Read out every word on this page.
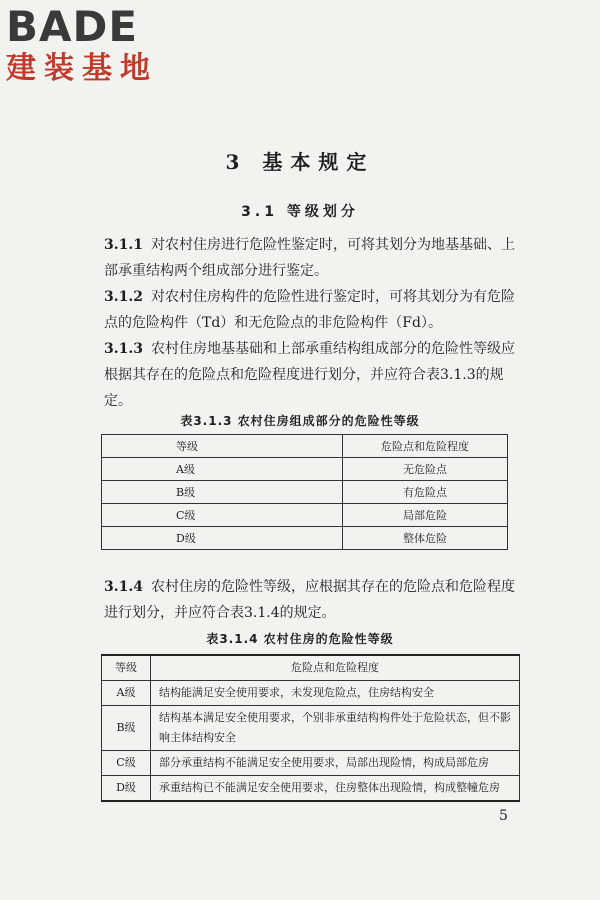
BADE
建装基地
3 基本规定
3.1 等级划分
3.1.1 对农村住房进行危险性鉴定时，可将其划分为地基基础、上部承重结构两个组成部分进行鉴定。
3.1.2 对农村住房构件的危险性进行鉴定时，可将其划分为有危险点的危险构件（Td）和无危险点的非危险构件（Fd）。
3.1.3 农村住房地基基础和上部承重结构组成部分的危险性等级应根据其存在的危险点和危险程度进行划分，并应符合表3.1.3的规定。
表3.1.3 农村住房组成部分的危险性等级
等级	危险点和危险程度
A级	无危险点
B级	有危险点
C级	局部危险
D级	整体危险
3.1.4 农村住房的危险性等级，应根据其存在的危险点和危险程度进行划分，并应符合表3.1.4的规定。
表3.1.4 农村住房的危险性等级
等级	危险点和危险程度
A级	结构能满足安全使用要求，未发现危险点，住房结构安全
B级	结构基本满足安全使用要求，个别非承重结构构件处于危险状态，但不影响主体结构安全
C级	部分承重结构不能满足安全使用要求，局部出现险情，构成局部危房
D级	承重结构已不能满足安全使用要求，住房整体出现险情，构成整幢危房
5
